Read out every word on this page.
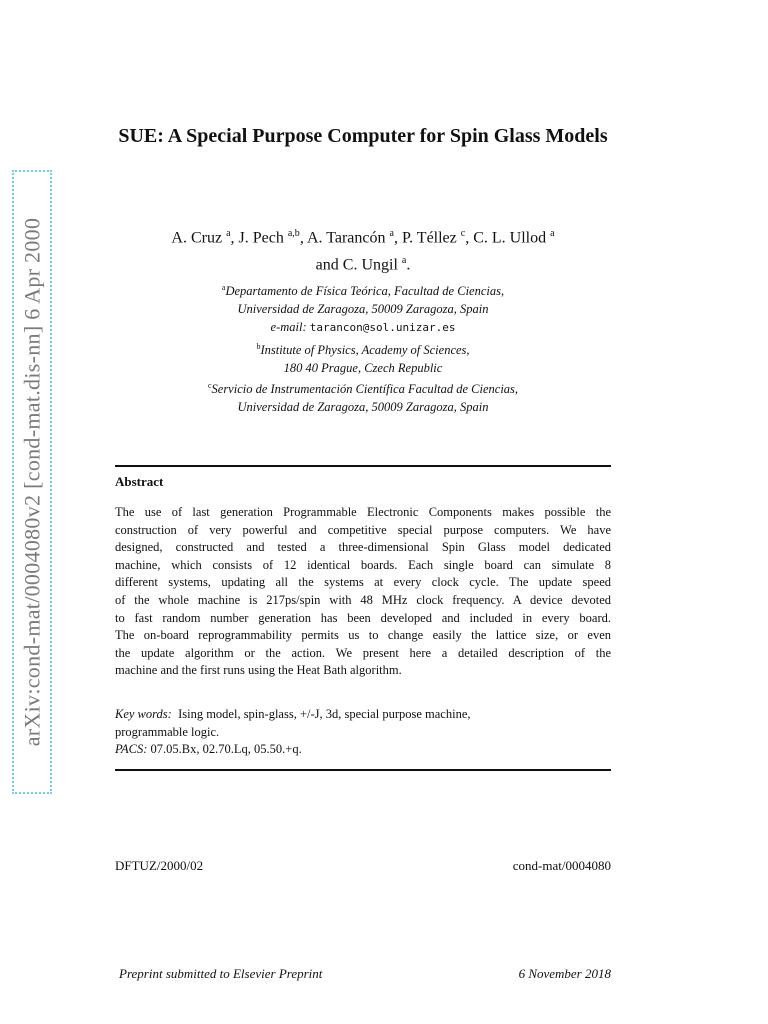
arXiv:cond-mat/0004080v2 [cond-mat.dis-nn] 6 Apr 2000
SUE: A Special Purpose Computer for Spin Glass Models
A. Cruz $^a$, J. Pech $^{a,b}$, A. Tarancón $^a$, P. Téllez $^c$, C. L. Ullod $^a$
and C. Ungil $^a$.
$^a$Departamento de Física Teórica, Facultad de Ciencias,
Universidad de Zaragoza, 50009 Zaragoza, Spain
e-mail: tarancon@sol.unizar.es
$^b$Institute of Physics, Academy of Sciences,
180 40 Prague, Czech Republic
$^c$Servicio de Instrumentación Científica Facultad de Ciencias,
Universidad de Zaragoza, 50009 Zaragoza, Spain
Abstract
The use of last generation Programmable Electronic Components makes possible the
construction of very powerful and competitive special purpose computers. We have
designed, constructed and tested a three-dimensional Spin Glass model dedicated
machine, which consists of 12 identical boards. Each single board can simulate 8
different systems, updating all the systems at every clock cycle. The update speed
of the whole machine is 217ps/spin with 48 MHz clock frequency. A device devoted
to fast random number generation has been developed and included in every board.
The on-board reprogrammability permits us to change easily the lattice size, or even
the update algorithm or the action. We present here a detailed description of the
machine and the first runs using the Heat Bath algorithm.
Key words: Ising model, spin-glass, +/-J, 3d, special purpose machine,
programmable logic.
PACS: 07.05.Bx, 02.70.Lq, 05.50.+q.
DFTUZ/2000/02	cond-mat/0004080
Preprint submitted to Elsevier Preprint	6 November 2018
